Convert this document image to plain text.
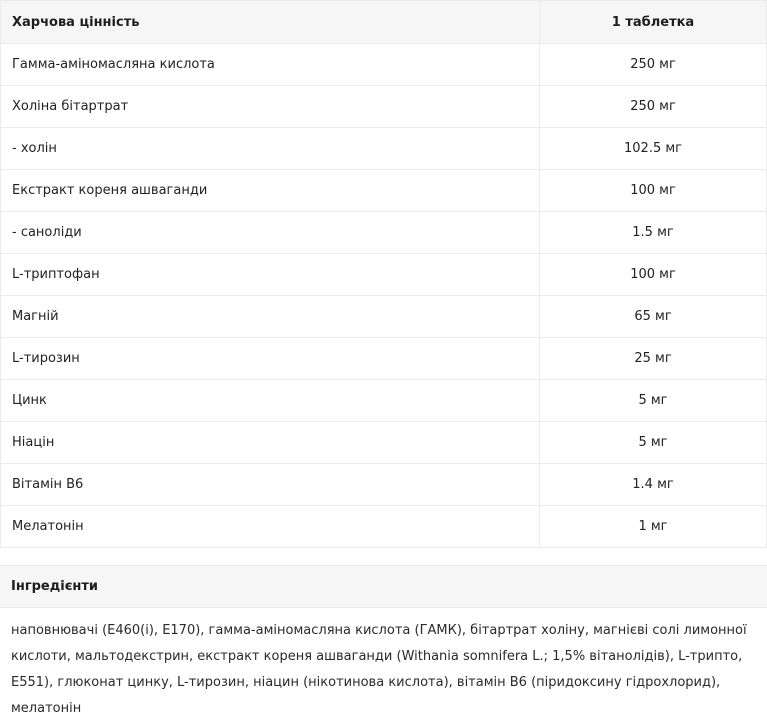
Харчова цінність	1 таблетка
Гамма-аміномасляна кислота	250 мг
Холіна бітартрат	250 мг
- холін	102.5 мг
Екстракт кореня ашваганди	100 мг
- саноліди	1.5 мг
L-триптофан	100 мг
Магній	65 мг
L-тирозин	25 мг
Цинк	5 мг
Ніацін	5 мг
Вітамін В6	1.4 мг
Мелатонін	1 мг
Інгредієнти
наповнювачі (E460(i), E170), гамма-аміномасляна кислота (ГАМК), бітартрат холіну, магнієві солі лимонної кислоти, мальтодекстрин, екстракт кореня ашваганди (Withania somnifera L.; 1,5% вітанолідів), L-трипто, E551), глюконат цинку, L-тирозин, ніацин (нікотинова кислота), вітамін В6 (піридоксину гідрохлорид), мелатонін
